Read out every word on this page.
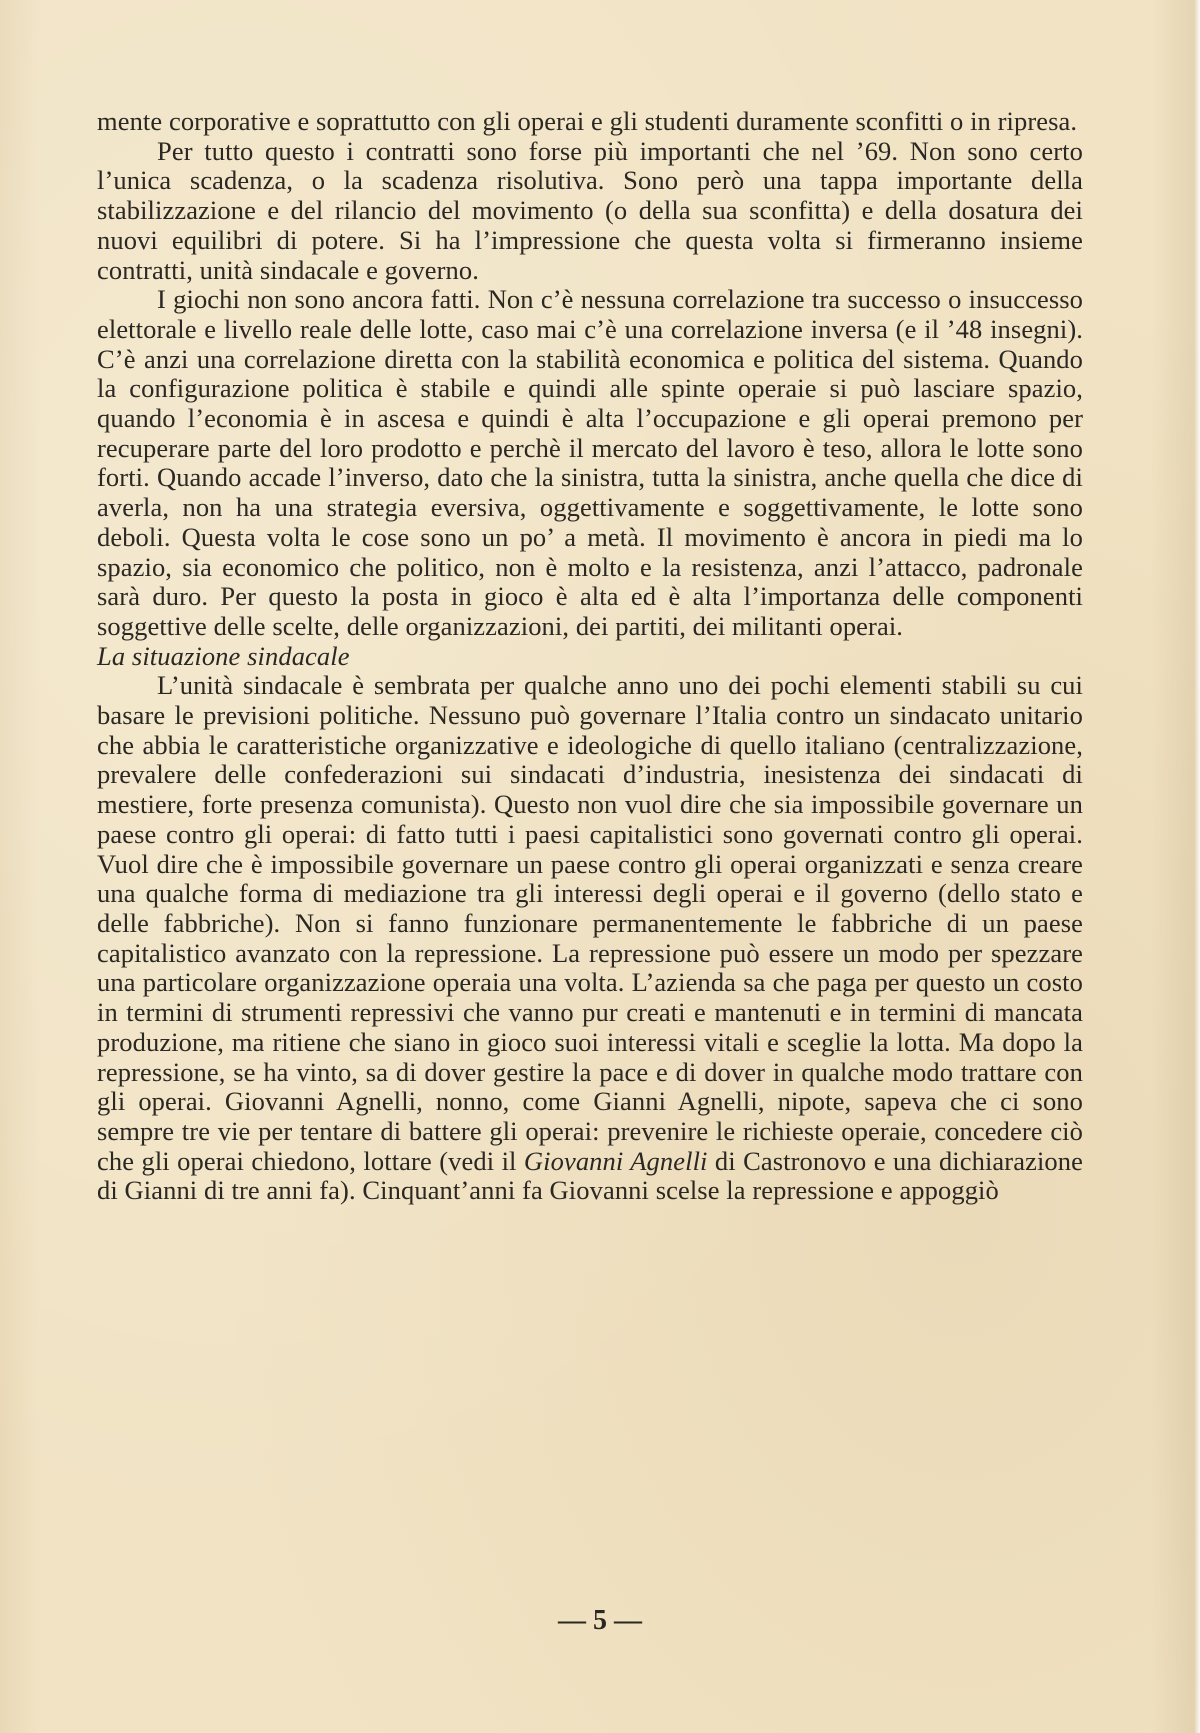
mente corporative e soprattutto con gli operai e gli studenti duramente sconfitti o in ripresa.

Per tutto questo i contratti sono forse più importanti che nel ’69. Non sono certo l’unica scadenza, o la scadenza risolutiva. Sono però una tappa importante della stabilizzazione e del rilancio del movimento (o della sua sconfitta) e della dosatura dei nuovi equilibri di potere. Si ha l’impressione che questa volta si firmeranno insieme contratti, unità sindacale e governo.

I giochi non sono ancora fatti. Non c’è nessuna correlazione tra successo o insuccesso elettorale e livello reale delle lotte, caso mai c’è una correlazione inversa (e il ’48 insegni). C’è anzi una correlazione diretta con la stabilità economica e politica del sistema. Quando la configurazione politica è stabile e quindi alle spinte operaie si può lasciare spazio, quando l’economia è in ascesa e quindi è alta l’occupazione e gli operai premono per recuperare parte del loro prodotto e perchè il mercato del lavoro è teso, allora le lotte sono forti. Quando accade l’inverso, dato che la sinistra, tutta la sinistra, anche quella che dice di averla, non ha una strategia eversiva, oggettivamente e soggettivamente, le lotte sono deboli. Questa volta le cose sono un po’ a metà. Il movimento è ancora in piedi ma lo spazio, sia economico che politico, non è molto e la resistenza, anzi l’attacco, padronale sarà duro. Per questo la posta in gioco è alta ed è alta l’importanza delle componenti soggettive delle scelte, delle organizzazioni, dei partiti, dei militanti operai.

La situazione sindacale

L’unità sindacale è sembrata per qualche anno uno dei pochi elementi stabili su cui basare le previsioni politiche. Nessuno può governare l’Italia contro un sindacato unitario che abbia le caratteristiche organizzative e ideologiche di quello italiano (centralizzazione, prevalere delle confederazioni sui sindacati d’industria, inesistenza dei sindacati di mestiere, forte presenza comunista). Questo non vuol dire che sia impossibile governare un paese contro gli operai: di fatto tutti i paesi capitalistici sono governati contro gli operai. Vuol dire che è impossibile governare un paese contro gli operai organizzati e senza creare una qualche forma di mediazione tra gli interessi degli operai e il governo (dello stato e delle fabbriche). Non si fanno funzionare permanentemente le fabbriche di un paese capitalistico avanzato con la repressione. La repressione può essere un modo per spezzare una particolare organizzazione operaia una volta. L’azienda sa che paga per questo un costo in termini di strumenti repressivi che vanno pur creati e mantenuti e in termini di mancata produzione, ma ritiene che siano in gioco suoi interessi vitali e sceglie la lotta. Ma dopo la repressione, se ha vinto, sa di dover gestire la pace e di dover in qualche modo trattare con gli operai. Giovanni Agnelli, nonno, come Gianni Agnelli, nipote, sapeva che ci sono sempre tre vie per tentare di battere gli operai: prevenire le richieste operaie, concedere ciò che gli operai chiedono, lottare (vedi il Giovanni Agnelli di Castronovo e una dichiarazione di Gianni di tre anni fa). Cinquant’anni fa Giovanni scelse la repressione e appoggiò

— 5 —
